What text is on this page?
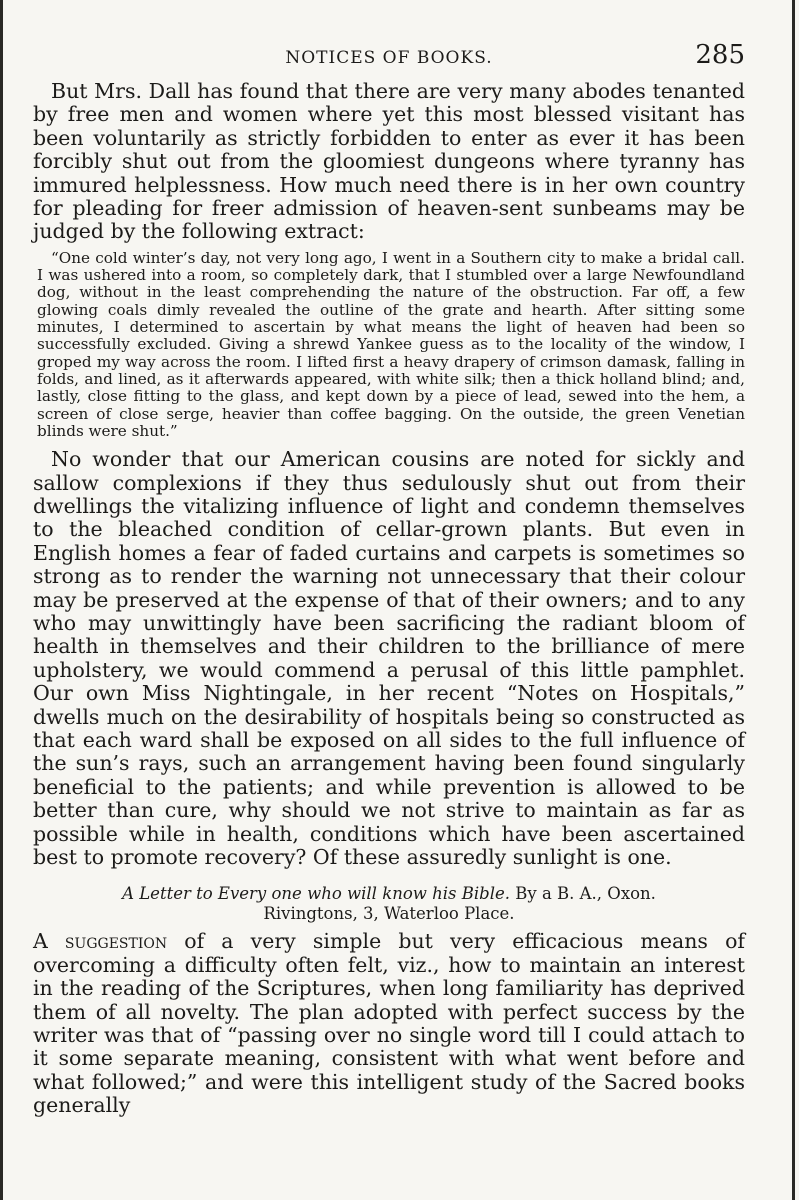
NOTICES OF BOOKS.	285

But Mrs. Dall has found that there are very many abodes tenanted by free men and women where yet this most blessed visitant has been voluntarily as strictly forbidden to enter as ever it has been forcibly shut out from the gloomiest dungeons where tyranny has immured helplessness. How much need there is in her own country for pleading for freer admission of heaven-sent sunbeams may be judged by the following extract:

“One cold winter’s day, not very long ago, I went in a Southern city to make a bridal call. I was ushered into a room, so completely dark, that I stumbled over a large Newfoundland dog, without in the least comprehending the nature of the obstruction. Far off, a few glowing coals dimly revealed the outline of the grate and hearth. After sitting some minutes, I determined to ascertain by what means the light of heaven had been so successfully excluded. Giving a shrewd Yankee guess as to the locality of the window, I groped my way across the room. I lifted first a heavy drapery of crimson damask, falling in folds, and lined, as it afterwards appeared, with white silk; then a thick holland blind; and, lastly, close fitting to the glass, and kept down by a piece of lead, sewed into the hem, a screen of close serge, heavier than coffee bagging. On the outside, the green Venetian blinds were shut.”

No wonder that our American cousins are noted for sickly and sallow complexions if they thus sedulously shut out from their dwellings the vitalizing influence of light and condemn themselves to the bleached condition of cellar-grown plants. But even in English homes a fear of faded curtains and carpets is sometimes so strong as to render the warning not unnecessary that their colour may be preserved at the expense of that of their owners; and to any who may unwittingly have been sacrificing the radiant bloom of health in themselves and their children to the brilliance of mere upholstery, we would commend a perusal of this little pamphlet. Our own Miss Nightingale, in her recent “Notes on Hospitals,” dwells much on the desirability of hospitals being so constructed as that each ward shall be exposed on all sides to the full influence of the sun’s rays, such an arrangement having been found singularly beneficial to the patients; and while prevention is allowed to be better than cure, why should we not strive to maintain as far as possible while in health, conditions which have been ascertained best to promote recovery? Of these assuredly sunlight is one.

A Letter to Every one who will know his Bible. By a B. A., Oxon.
Rivingtons, 3, Waterloo Place.

A suggestion of a very simple but very efficacious means of overcoming a difficulty often felt, viz., how to maintain an interest in the reading of the Scriptures, when long familiarity has deprived them of all novelty. The plan adopted with perfect success by the writer was that of “passing over no single word till I could attach to it some separate meaning, consistent with what went before and what followed;” and were this intelligent study of the Sacred books generally
